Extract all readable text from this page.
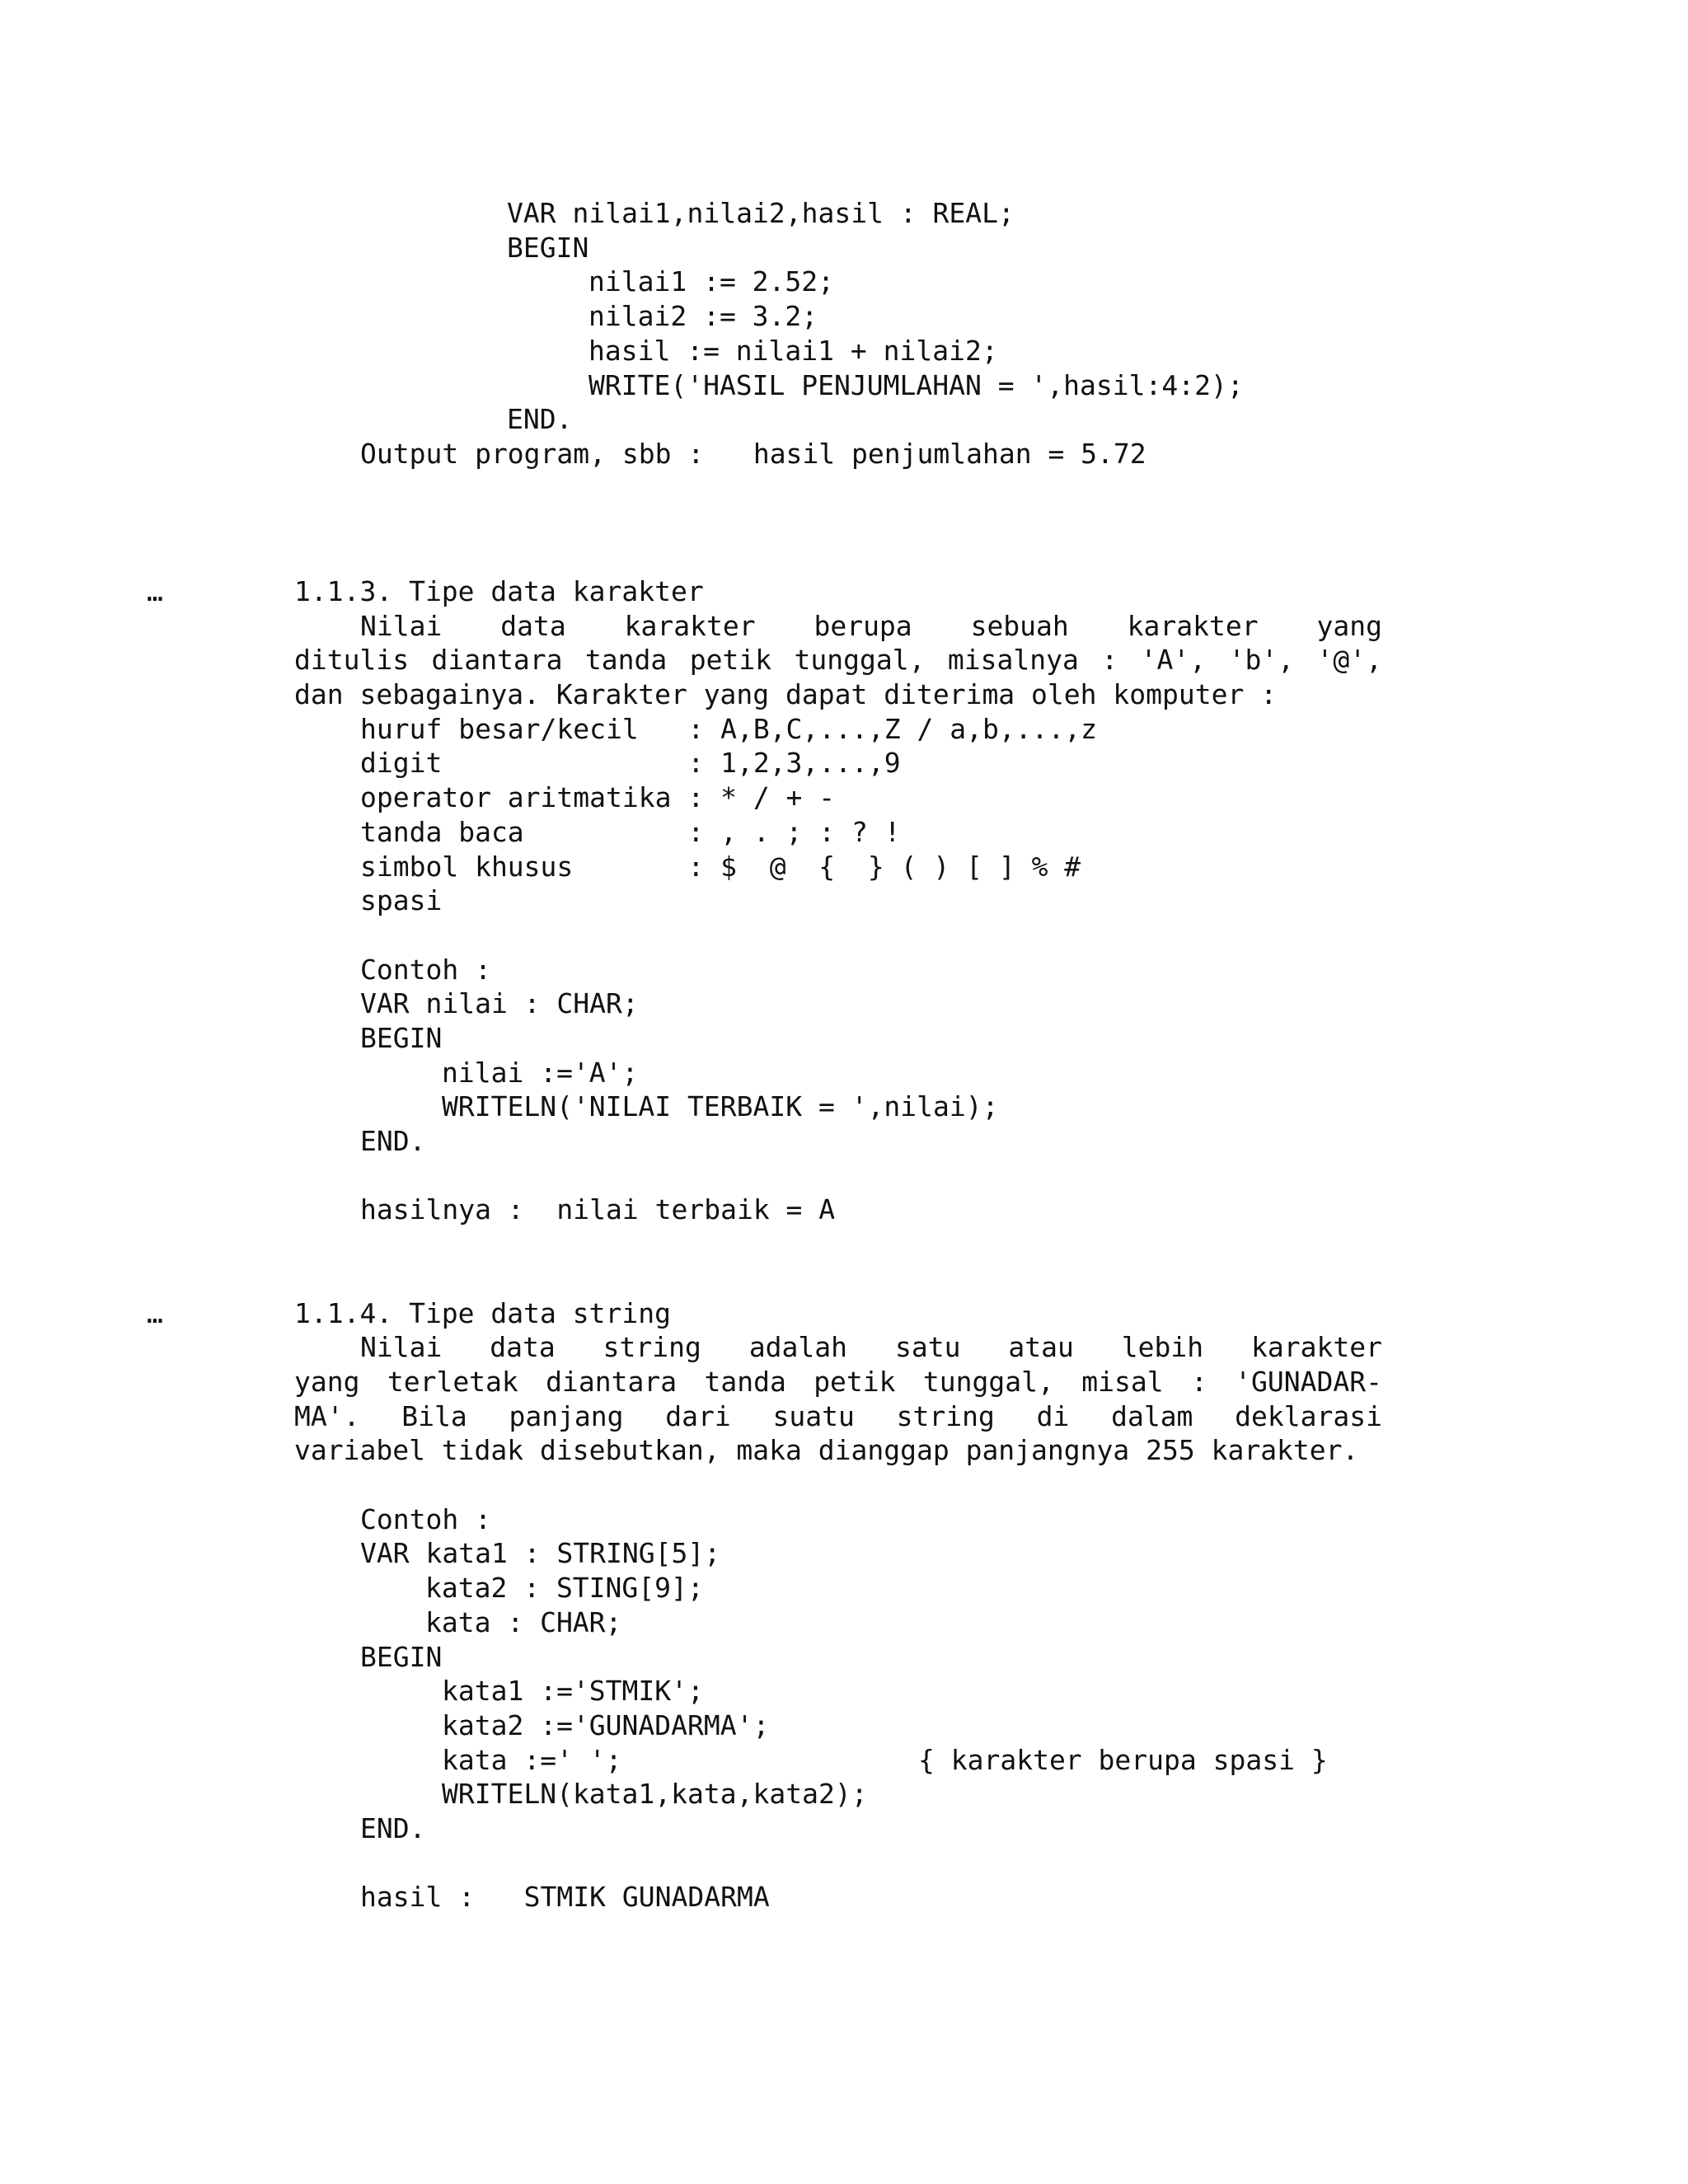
VAR nilai1,nilai2,hasil : REAL;
BEGIN
nilai1 := 2.52;
nilai2 := 3.2;
hasil := nilai1 + nilai2;
WRITE('HASIL PENJUMLAHAN = ',hasil:4:2);
END.
Output program, sbb :   hasil penjumlahan = 5.72
…	1.1.3. Tipe data karakter
Nilai data karakter berupa sebuah karakter yang
ditulis diantara tanda petik tunggal, misalnya : 'A', 'b', '@',
dan sebagainya. Karakter yang dapat diterima oleh komputer :
huruf besar/kecil   : A,B,C,...,Z / a,b,...,z
digit               : 1,2,3,...,9
operator aritmatika : * / + -
tanda baca          : , . ; : ? !
simbol khusus       : $  @  {  } ( ) [ ] % #
spasi
Contoh :
VAR nilai : CHAR;
BEGIN
nilai :='A';
WRITELN('NILAI TERBAIK = ',nilai);
END.
hasilnya :  nilai terbaik = A
…	1.1.4. Tipe data string
Nilai data string adalah satu atau lebih karakter
yang terletak diantara tanda petik tunggal, misal : 'GUNADAR-
MA'. Bila panjang dari suatu string di dalam deklarasi
variabel tidak disebutkan, maka dianggap panjangnya 255 karakter.
Contoh :
VAR kata1 : STRING[5];
kata2 : STING[9];
kata : CHAR;
BEGIN
kata1 :='STMIK';
kata2 :='GUNADARMA';
kata :=' ';	{ karakter berupa spasi }
WRITELN(kata1,kata,kata2);
END.
hasil :   STMIK GUNADARMA
